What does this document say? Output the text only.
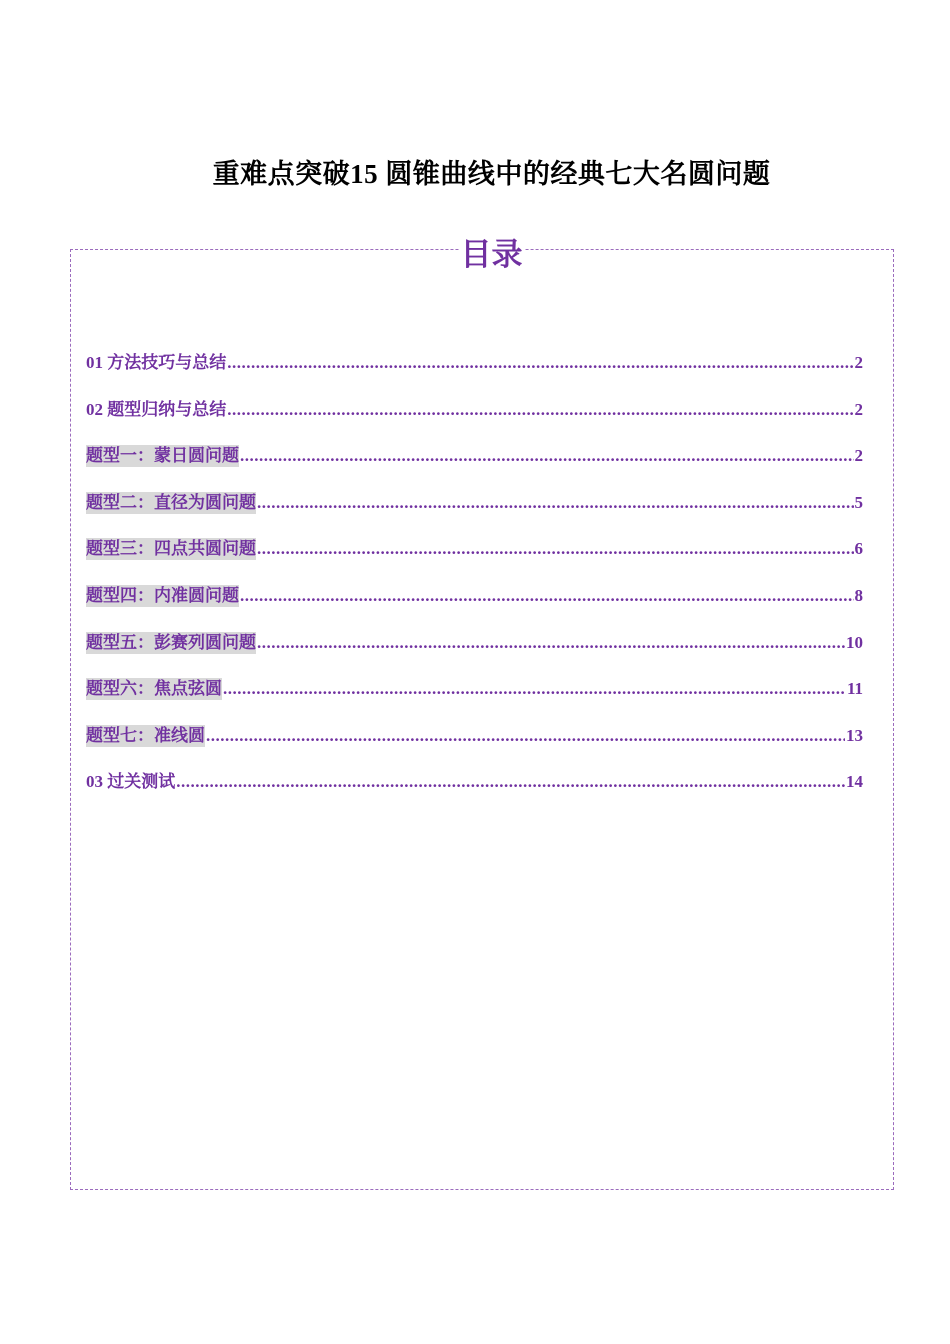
重难点突破15 圆锥曲线中的经典七大名圆问题
目录
01 方法技巧与总结 .....	2
02 题型归纳与总结 .....	2
题型一：蒙日圆问题 .....	2
题型二：直径为圆问题 .....	5
题型三：四点共圆问题 .....	6
题型四：内准圆问题 .....	8
题型五：彭赛列圆问题 .....	10
题型六：焦点弦圆 .....	11
题型七：准线圆 .....	13
03 过关测试 .....	14
